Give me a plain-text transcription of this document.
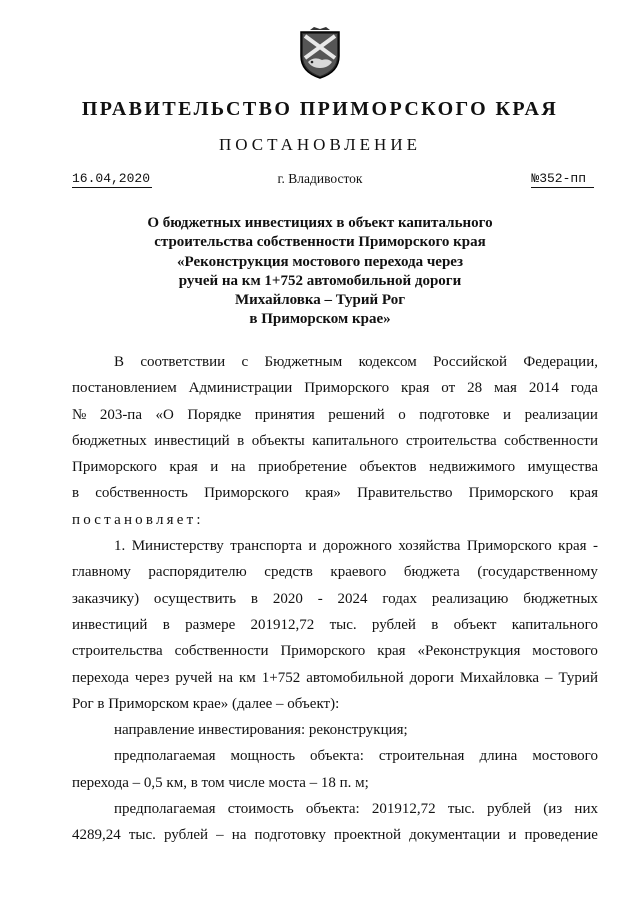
ПРАВИТЕЛЬСТВО ПРИМОРСКОГО КРАЯ
ПОСТАНОВЛЕНИЕ
16.04,2020	г. Владивосток	№352-пп
О бюджетных инвестициях в объект капитального
строительства собственности Приморского края
«Реконструкция мостового перехода через
ручей на км 1+752 автомобильной дороги
Михайловка – Турий Рог
в Приморском крае»
В соответствии с Бюджетным кодексом Российской Федерации,
постановлением Администрации Приморского края от 28 мая 2014 года
№ 203-па «О Порядке принятия решений о подготовке и реализации
бюджетных инвестиций в объекты капитального строительства собственности
Приморского края и на приобретение объектов недвижимого имущества
в собственность Приморского края» Правительство Приморского края
постановляет:
1. Министерству транспорта и дорожного хозяйства Приморского края -
главному распорядителю средств краевого бюджета (государственному
заказчику) осуществить в 2020 - 2024 годах реализацию бюджетных
инвестиций в размере 201912,72 тыс. рублей в объект капитального
строительства собственности Приморского края «Реконструкция мостового
перехода через ручей на км 1+752 автомобильной дороги Михайловка – Турий
Рог в Приморском крае» (далее – объект):
направление инвестирования: реконструкция;
предполагаемая мощность объекта: строительная длина мостового
перехода – 0,5 км, в том числе моста – 18 п. м;
предполагаемая стоимость объекта: 201912,72 тыс. рублей (из них
4289,24 тыс. рублей – на подготовку проектной документации и проведение
